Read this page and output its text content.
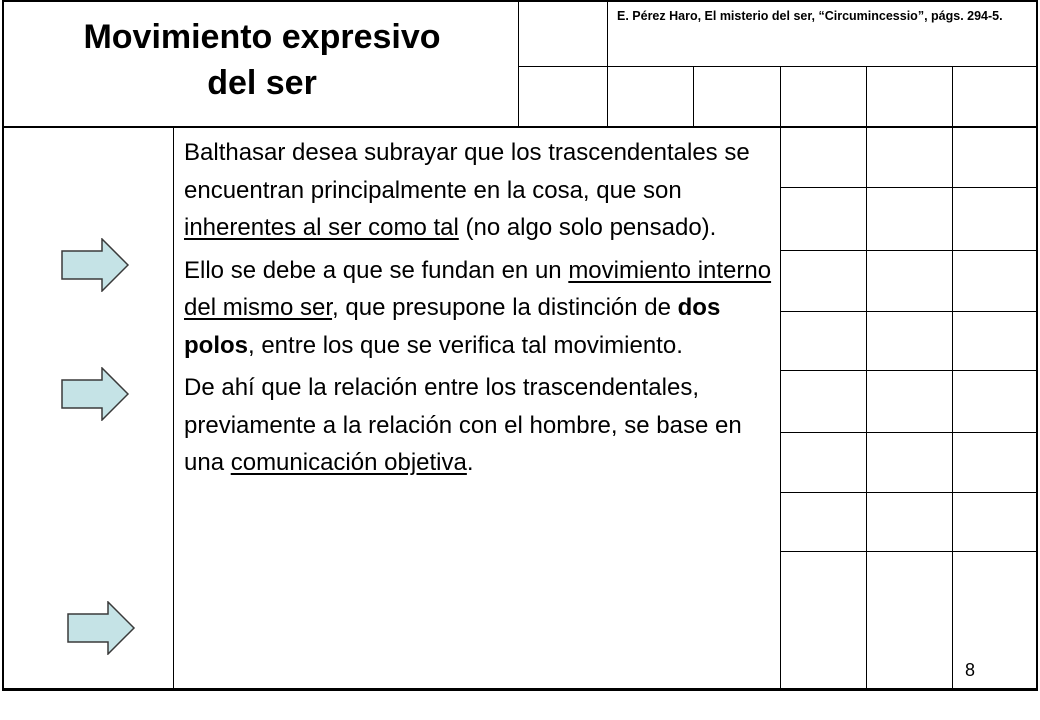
Movimiento expresivo
del ser
E. Pérez Haro, El misterio del ser, “Circumincessio”, págs. 294-5.

Balthasar desea subrayar que los trascendentales se encuentran principalmente en la cosa, que son inherentes al ser como tal (no algo solo pensado).

Ello se debe a que se fundan en un movimiento interno del mismo ser, que presupone la distinción de dos polos, entre los que se verifica tal movimiento.

De ahí que la relación entre los trascendentales, previamente a la relación con el hombre, se base en una comunicación objetiva.

8
